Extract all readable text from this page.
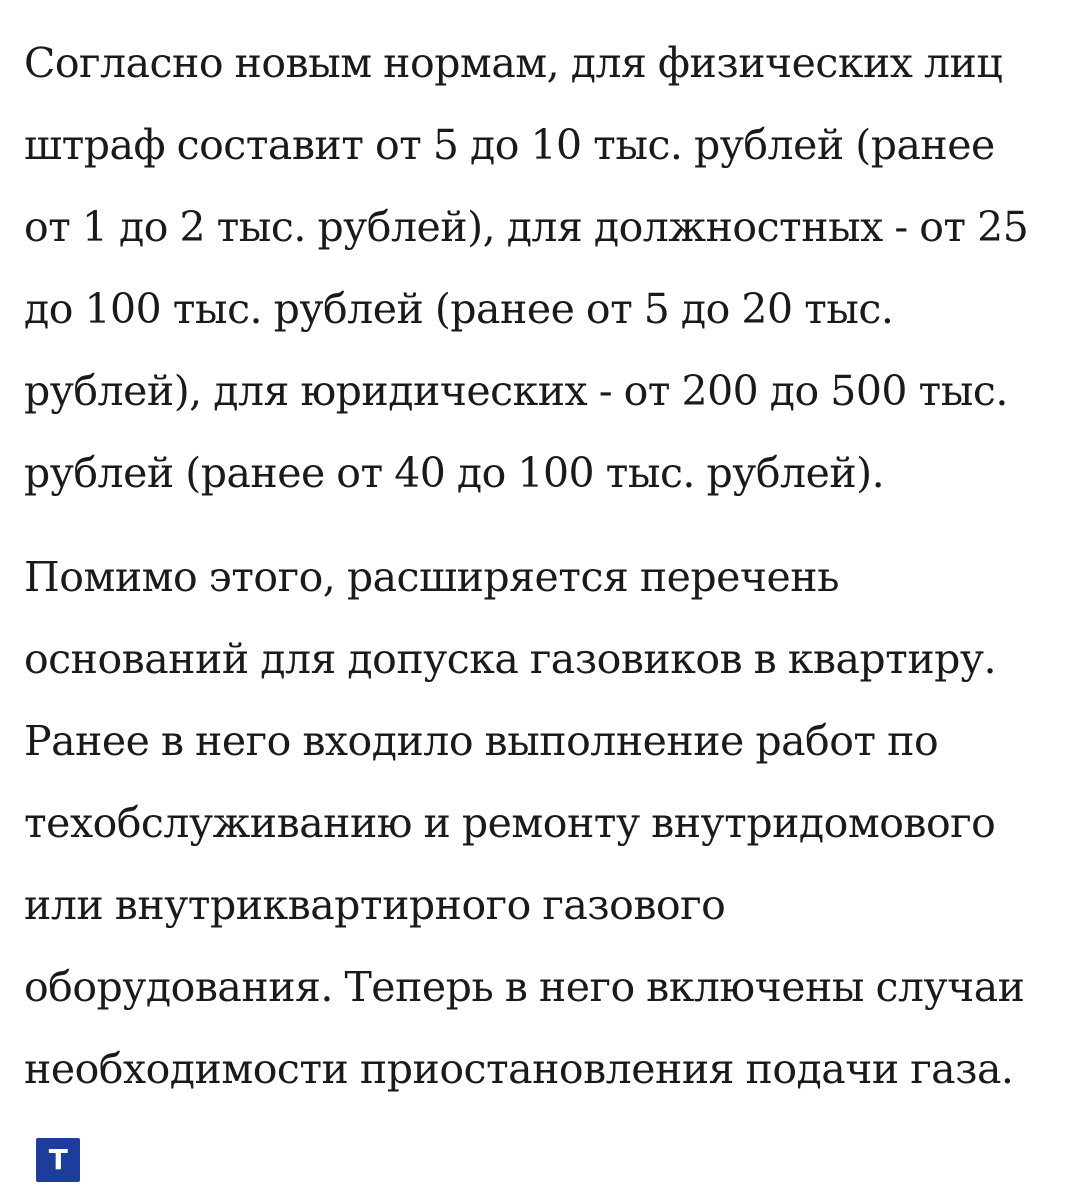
Согласно новым нормам, для физических лиц штраф составит от 5 до 10 тыс. рублей (ранее от 1 до 2 тыс. рублей), для должностных - от 25 до 100 тыс. рублей (ранее от 5 до 20 тыс. рублей), для юридических - от 200 до 500 тыс. рублей (ранее от 40 до 100 тыс. рублей).

Помимо этого, расширяется перечень оснований для допуска газовиков в квартиру. Ранее в него входило выполнение работ по техобслуживанию и ремонту внутридомового или внутриквартирного газового оборудования. Теперь в него включены случаи необходимости приостановления подачи газа.T
